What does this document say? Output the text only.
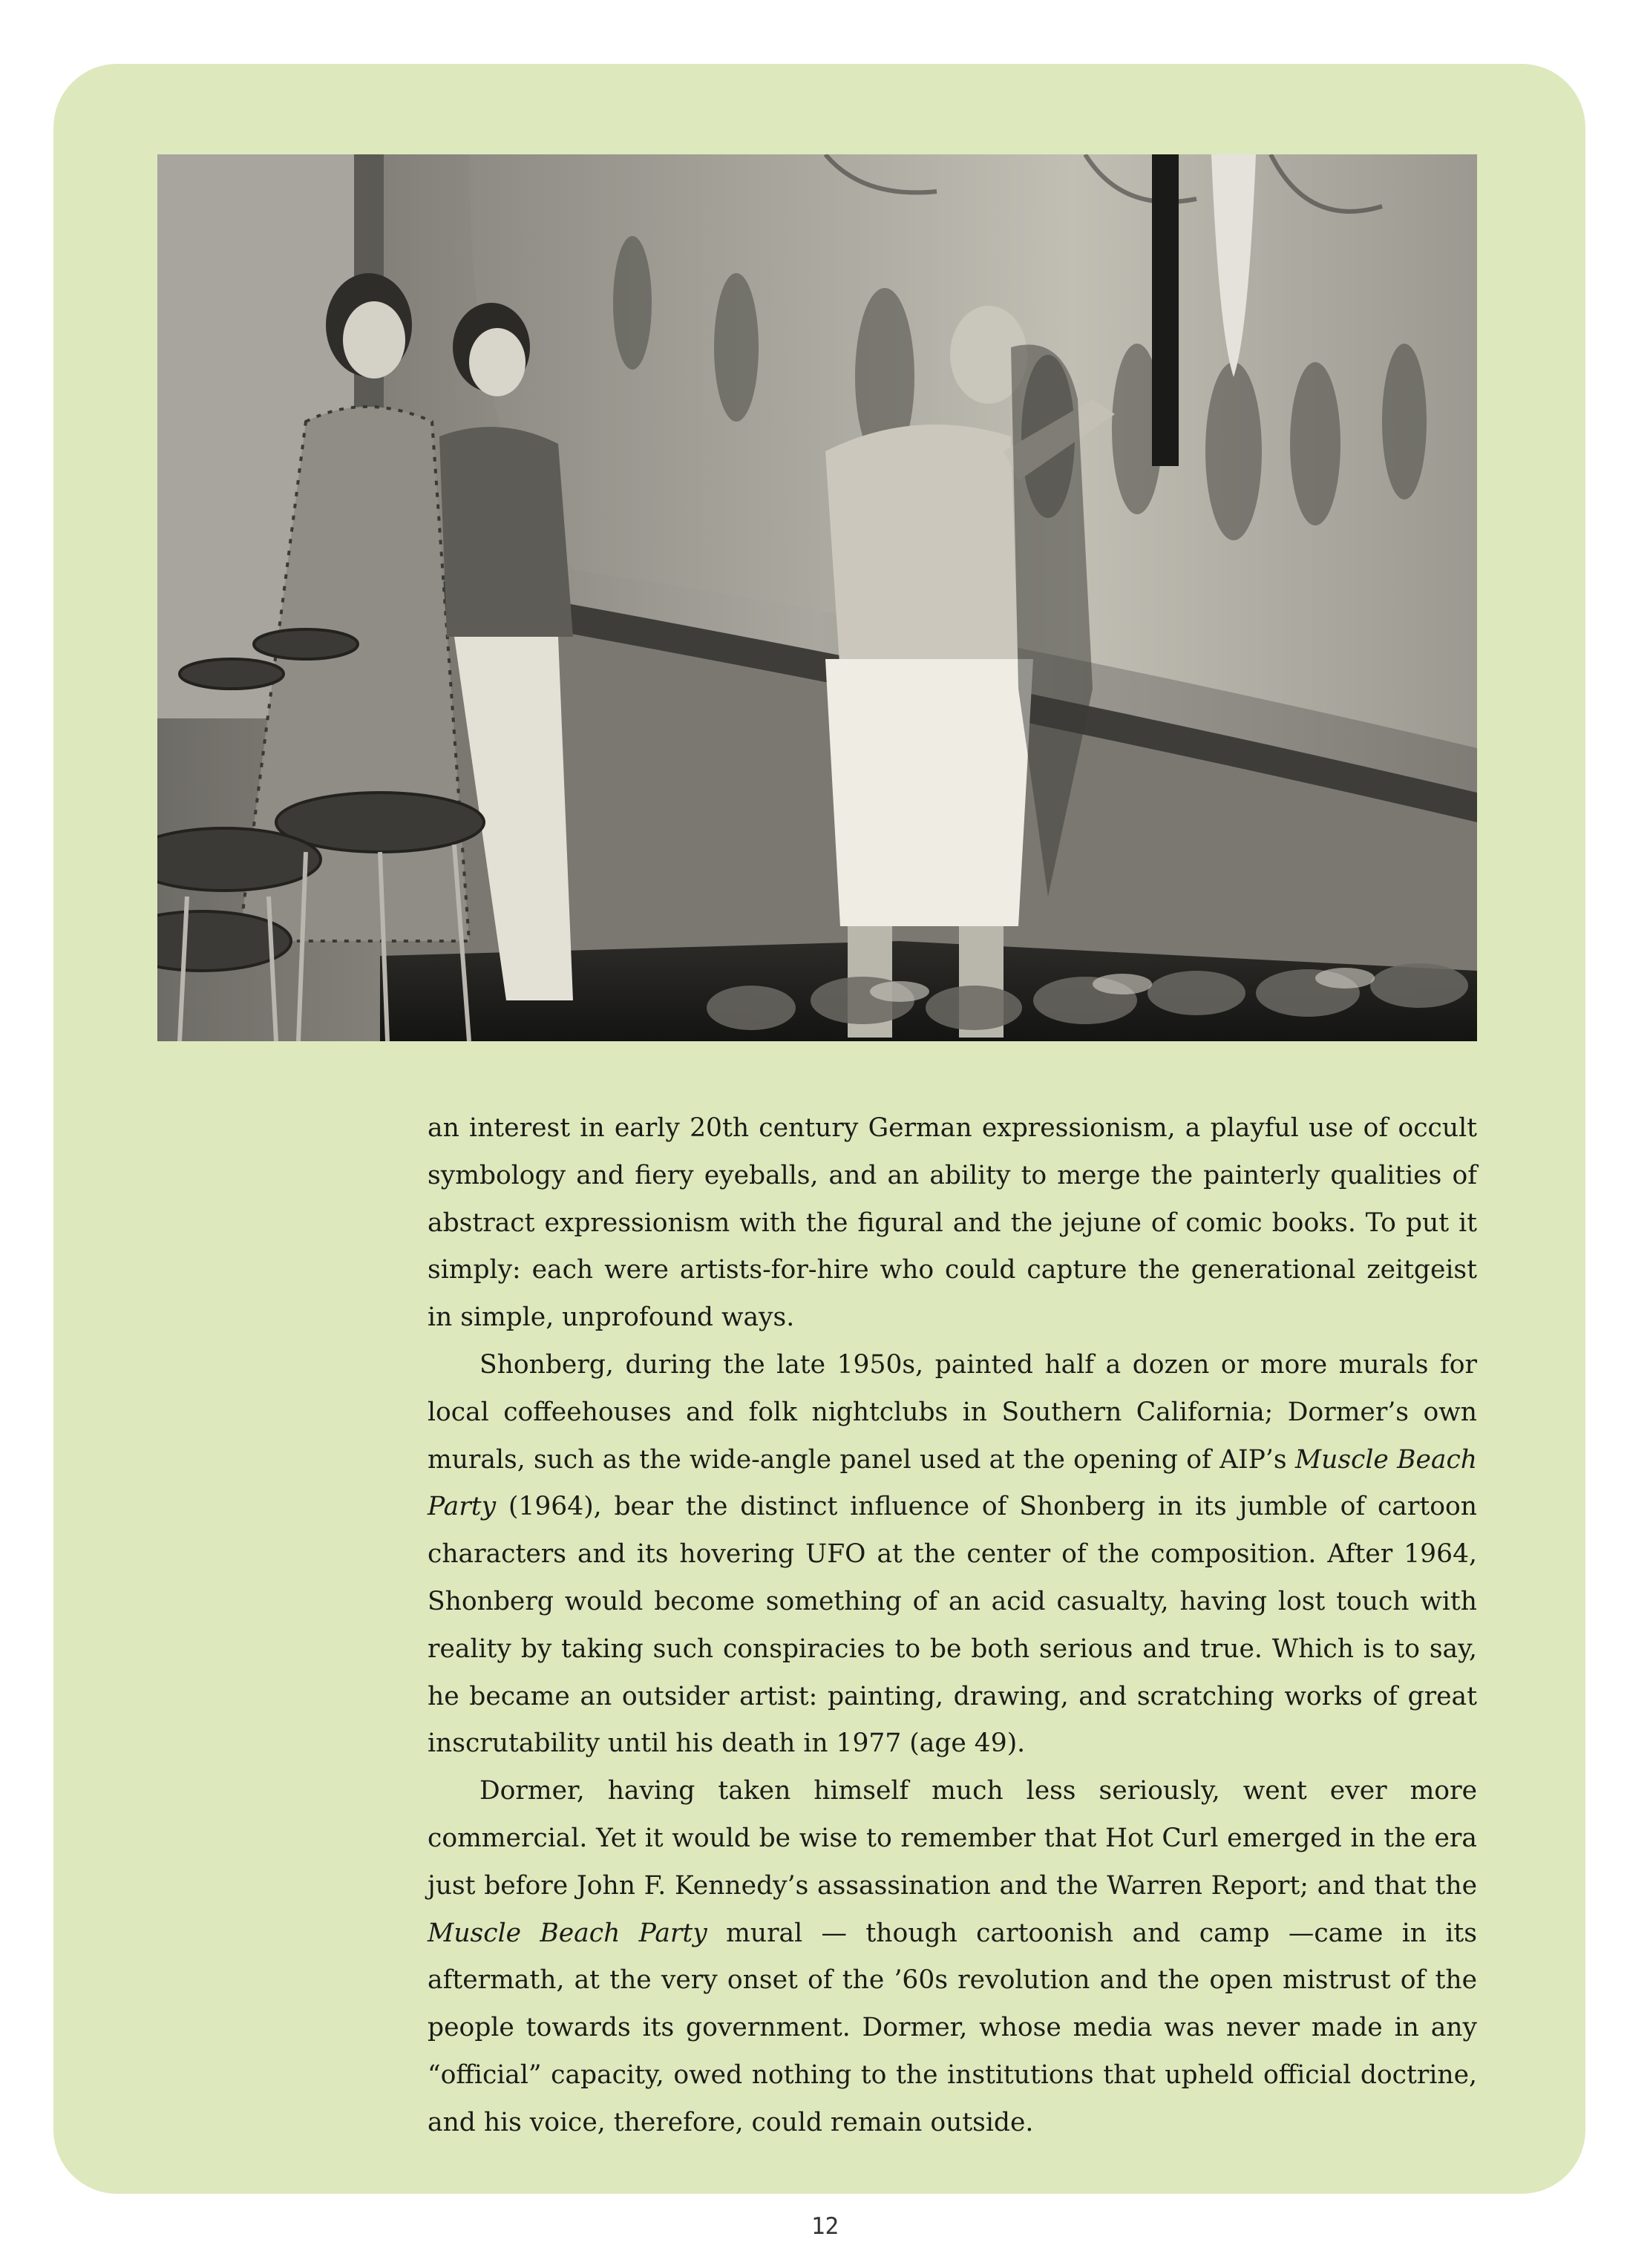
an interest in early 20th century German expressionism, a playful use of occult symbology and fiery eyeballs, and an ability to merge the painterly qualities of abstract expressionism with the figural and the jejune of comic books. To put it simply: each were artists-for-hire who could capture the generational zeitgeist in simple, unprofound ways.

Shonberg, during the late 1950s, painted half a dozen or more murals for local coffeehouses and folk nightclubs in Southern California; Dormer’s own murals, such as the wide-angle panel used at the opening of AIP’s Muscle Beach Party (1964), bear the distinct influence of Shonberg in its jumble of cartoon characters and its hovering UFO at the center of the composition. After 1964, Shonberg would become something of an acid casualty, having lost touch with reality by taking such conspiracies to be both serious and true. Which is to say, he became an outsider artist: painting, drawing, and scratching works of great inscrutability until his death in 1977 (age 49).

Dormer, having taken himself much less seriously, went ever more commercial. Yet it would be wise to remember that Hot Curl emerged in the era just before John F. Kennedy’s assassination and the Warren Report; and that the Muscle Beach Party mural — though cartoonish and camp —came in its aftermath, at the very onset of the ’60s revolution and the open mistrust of the people towards its government. Dormer, whose media was never made in any “official” capacity, owed nothing to the institutions that upheld official doctrine, and his voice, therefore, could remain outside.

12
